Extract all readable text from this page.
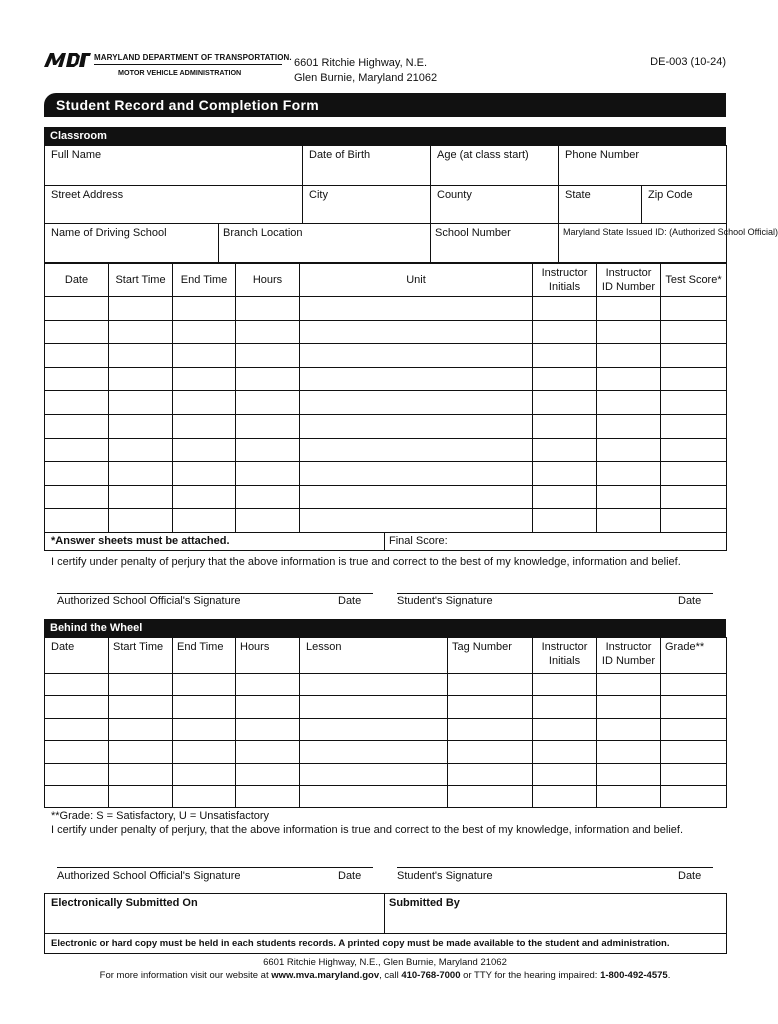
MARYLAND DEPARTMENT OF TRANSPORTATION.
MOTOR VEHICLE ADMINISTRATION
6601 Ritchie Highway, N.E.
Glen Burnie, Maryland 21062
DE-003 (10-24)
Student Record and Completion Form
Classroom
Full Name		Date of Birth	Age (at class start)	Phone Number	
Street Address		City	County	State	Zip Code
Name of Driving School	Branch Location		School Number	Maryland State Issued ID: (Authorized School Official)	
Date	Start Time	End Time	Hours	Unit	Instructor Initials	Instructor ID Number	Test Score*

*Answer sheets must be attached.	Final Score:
I certify under penalty of perjury that the above information is true and correct to the best of my knowledge, information and belief.
Authorized School Official's Signature	Date	Student's Signature	Date
Behind the Wheel
Date	Start Time	End Time	Hours	Lesson	Tag Number	Instructor Initials	Instructor ID Number	Grade**

**Grade: S = Satisfactory, U = Unsatisfactory
I certify under penalty of perjury, that the above information is true and correct to the best of my knowledge, information and belief.
Authorized School Official's Signature	Date	Student's Signature	Date
Electronically Submitted On	Submitted By
Electronic or hard copy must be held in each students records. A printed copy must be made available to the student and administration.
6601 Ritchie Highway, N.E., Glen Burnie, Maryland 21062
For more information visit our website at www.mva.maryland.gov, call 410-768-7000 or TTY for the hearing impaired: 1-800-492-4575.
